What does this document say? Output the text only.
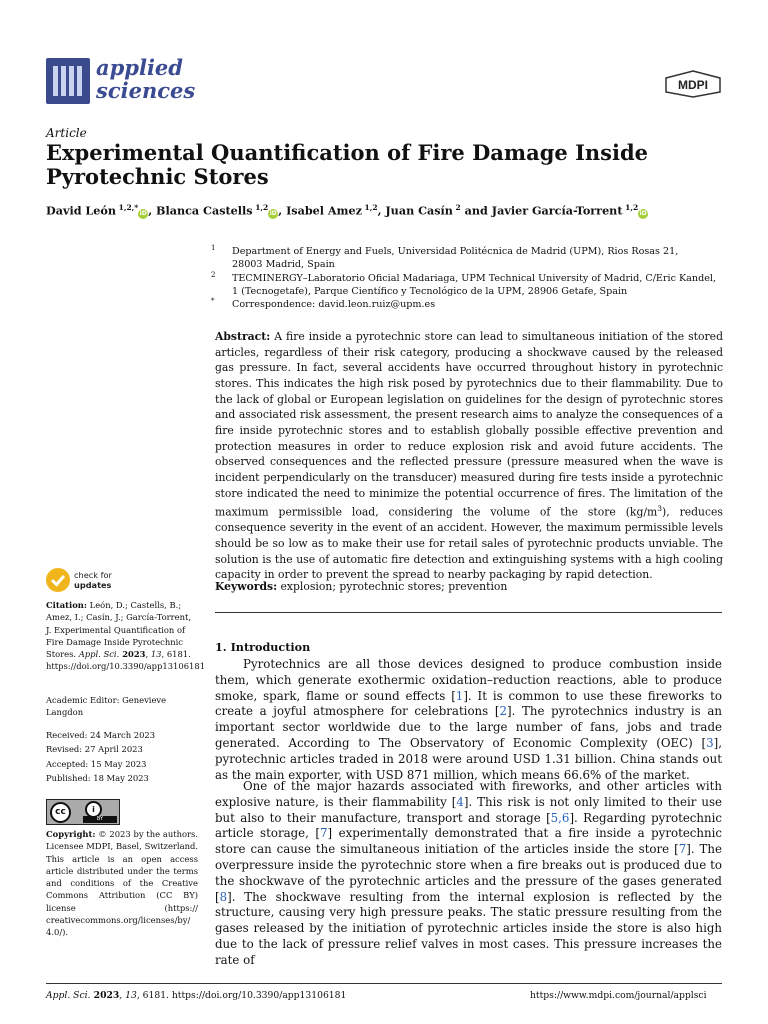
applied
sciences	MDPI
Article
Experimental Quantification of Fire Damage Inside Pyrotechnic Stores
David León $^{1,2,*}$iD, Blanca Castells $^{1,2}$iD, Isabel Amez $^{1,2}$, Juan Casín $^2$ and Javier García-Torrent $^{1,2}$iD
1 Department of Energy and Fuels, Universidad Politécnica de Madrid (UPM), Rios Rosas 21,
28003 Madrid, Spain
2 TECMINERGY–Laboratorio Oficial Madariaga, UPM Technical University of Madrid, C/Eric Kandel,
1 (Tecnogetafe), Parque Científico y Tecnológico de la UPM, 28906 Getafe, Spain
* Correspondence: david.leon.ruiz@upm.es
Abstract: A fire inside a pyrotechnic store can lead to simultaneous initiation of the stored articles, regardless of their risk category, producing a shockwave caused by the released gas pressure. In fact, several accidents have occurred throughout history in pyrotechnic stores. This indicates the high risk posed by pyrotechnics due to their flammability. Due to the lack of global or European legislation on guidelines for the design of pyrotechnic stores and associated risk assessment, the present research aims to analyze the consequences of a fire inside pyrotechnic stores and to establish globally possible effective prevention and protection measures in order to reduce explosion risk and avoid future accidents. The observed consequences and the reflected pressure (pressure measured when the wave is incident perpendicularly on the transducer) measured during fire tests inside a pyrotechnic store indicated the need to minimize the potential occurrence of fires. The limitation of the maximum permissible load, considering the volume of the store $(kg/m^3)$, reduces consequence severity in the event of an accident. However, the maximum permissible levels should be so low as to make their use for retail sales of pyrotechnic products unviable. The solution is the use of automatic fire detection and extinguishing systems with a high cooling capacity in order to prevent the spread to nearby packaging by rapid detection.
Keywords: explosion; pyrotechnic stores; prevention
check for
updates
Citation: León, D.; Castells, B.; Amez, I.; Casín, J.; García-Torrent, J. Experimental Quantification of Fire Damage Inside Pyrotechnic Stores. Appl. Sci. 2023, 13, 6181. https://doi.org/10.3390/app13106181
Academic Editor: Genevieve Langdon
Received: 24 March 2023
Revised: 27 April 2023
Accepted: 15 May 2023
Published: 18 May 2023
cc	i
BY
Copyright: © 2023 by the authors. Licensee MDPI, Basel, Switzerland. This article is an open access article distributed under the terms and conditions of the Creative Commons Attribution (CC BY) license (https:// creativecommons.org/licenses/by/ 4.0/).
1. Introduction
Pyrotechnics are all those devices designed to produce combustion inside them, which generate exothermic oxidation–reduction reactions, able to produce smoke, spark, flame or sound effects [1]. It is common to use these fireworks to create a joyful atmosphere for celebrations [2]. The pyrotechnics industry is an important sector worldwide due to the large number of fans, jobs and trade generated. According to The Observatory of Economic Complexity (OEC) [3], pyrotechnic articles traded in 2018 were around USD 1.31 billion. China stands out as the main exporter, with USD 871 million, which means 66.6% of the market.
One of the major hazards associated with fireworks, and other articles with explosive nature, is their flammability [4]. This risk is not only limited to their use but also to their manufacture, transport and storage [5,6]. Regarding pyrotechnic article storage, [7] experimentally demonstrated that a fire inside a pyrotechnic store can cause the simultaneous initiation of the articles inside the store [7]. The overpressure inside the pyrotechnic store when a fire breaks out is produced due to the shockwave of the pyrotechnic articles and the pressure of the gases generated [8]. The shockwave resulting from the internal explosion is reflected by the structure, causing very high pressure peaks. The static pressure resulting from the gases released by the initiation of pyrotechnic articles inside the store is also high due to the lack of pressure relief valves in most cases. This pressure increases the rate of
Appl. Sci. 2023, 13, 6181. https://doi.org/10.3390/app13106181	https://www.mdpi.com/journal/applsci
